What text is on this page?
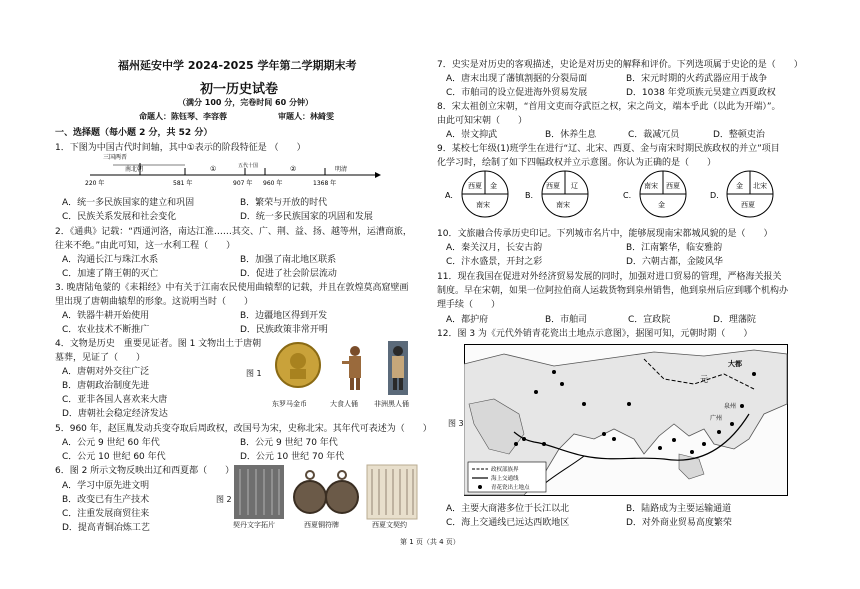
福州延安中学 2024-2025 学年第二学期期末考
初一历史试卷
（满分 100 分，完卷时间 60 分钟）
命题人：陈钰琴、李容蓉	审题人：林綺雯
一、选择题（每小题 2 分，共 52 分）
1．下图为中国古代时间轴，其中①表示的阶段特征是 （　　）
三国两晋
南北朝	①	五代十国	②	明清
220 年	581 年	907 年 960 年	1368 年
A．统一多民族国家的建立和巩固	B．繁荣与开放的时代
C．民族关系发展和社会变化	D．统一多民族国家的巩固和发展
2．《通典》记载：“西通河洛，南达江淮……其交、广、荆、益、扬、越等州，运漕商旅，
往来不绝。”由此可知，这一水利工程（　　）
A．沟通长江与珠江水系	B．加强了南北地区联系
C．加速了隋王朝的灭亡	D．促进了社会阶层流动
3. 晚唐陆龟蒙的《耒耜经》中有关于江南农民使用曲辕犁的记载，并且在敦煌莫高窟壁画
里出现了唐朝曲辕犁的形象。这说明当时（　　）
A．铁器牛耕开始使用	B．边疆地区得到开发
C．农业技术不断推广	D．民族政策非常开明
4．文物是历史　重要见证者。图 1 文物出土于唐朝
墓葬，见证了（　　）
A．唐朝对外交往广泛
B．唐朝政治制度先进
C．亚非各国人喜欢来大唐
D．唐朝社会稳定经济发达
图 1
东罗马金币	大食人俑 非洲黑人俑
5．960 年，赵匡胤发动兵变夺取后周政权，改国号为宋，史称北宋。其年代可表述为（　　）
A．公元 9 世纪 60 年代	B．公元 9 世纪 70 年代
C．公元 10 世纪 60 年代	D．公元 10 世纪 70 年代
6．图 2 所示文物反映出辽和西夏都（　　）
A．学习中原先进文明
B．改变已有生产技术
C．注重发展商贸往来
D．提高青铜冶炼工艺
图 2
契丹文字拓片	西夏铜符牌	西夏文契约
7．史实是对历史的客观描述，史论是对历史的解释和评价。下列选项属于史论的是（　　）
A．唐末出现了藩镇割据的分裂局面	B．宋元时期的火药武器应用于战争
C．市舶司的设立促进海外贸易发展	D．1038 年党项族元昊建立西夏政权
8．宋太祖创立宋朝，“首用文吏而夺武臣之权，宋之尚文，端本乎此（以此为开端）”。
由此可知宋朝（　　）
A．崇文抑武	B．休养生息	C．裁减冗员	D．整顿吏治
9．某校七年级(1)班学生在进行“辽、北宋、西夏、金与南宋时期民族政权的并立”项目
化学习时，绘制了如下四幅政权并立示意图。你认为正确的是（　　）
A.
西夏 金
南宋
B.
西夏 辽
南宋
C.
南宋 西夏
金
D.
金 北宋
西夏
10．文旅融合传承历史印记。下列城市名片中，能够展现南宋都城风貌的是（　　）
A．秦关汉月，长安古韵	B．江南繁华，临安雅韵
C．汴水盛景，开封之彩	D．六朝古都，金陵风华
11．现在我国在促进对外经济贸易发展的同时，加强对进口贸易的管理，严格海关报关
制度。早在宋朝，如果一位阿拉伯商人运载货物到泉州销售，他到泉州后应到哪个机构办
理手续（　　）
A．都护府	B．市舶司	C．宣政院	D．理藩院
12．图 3 为《元代外销青花瓷出土地点示意图》，据图可知，元朝时期（　　）
图 3
大都
元
泉州
广州
政权部族界
海上交通线
青花瓷出土地点
A．主要大商港多位于长江以北	B．陆路成为主要运输通道
C．海上交通线已远达西欧地区	D．对外商业贸易高度繁荣
第 1 页（共 4 页）
